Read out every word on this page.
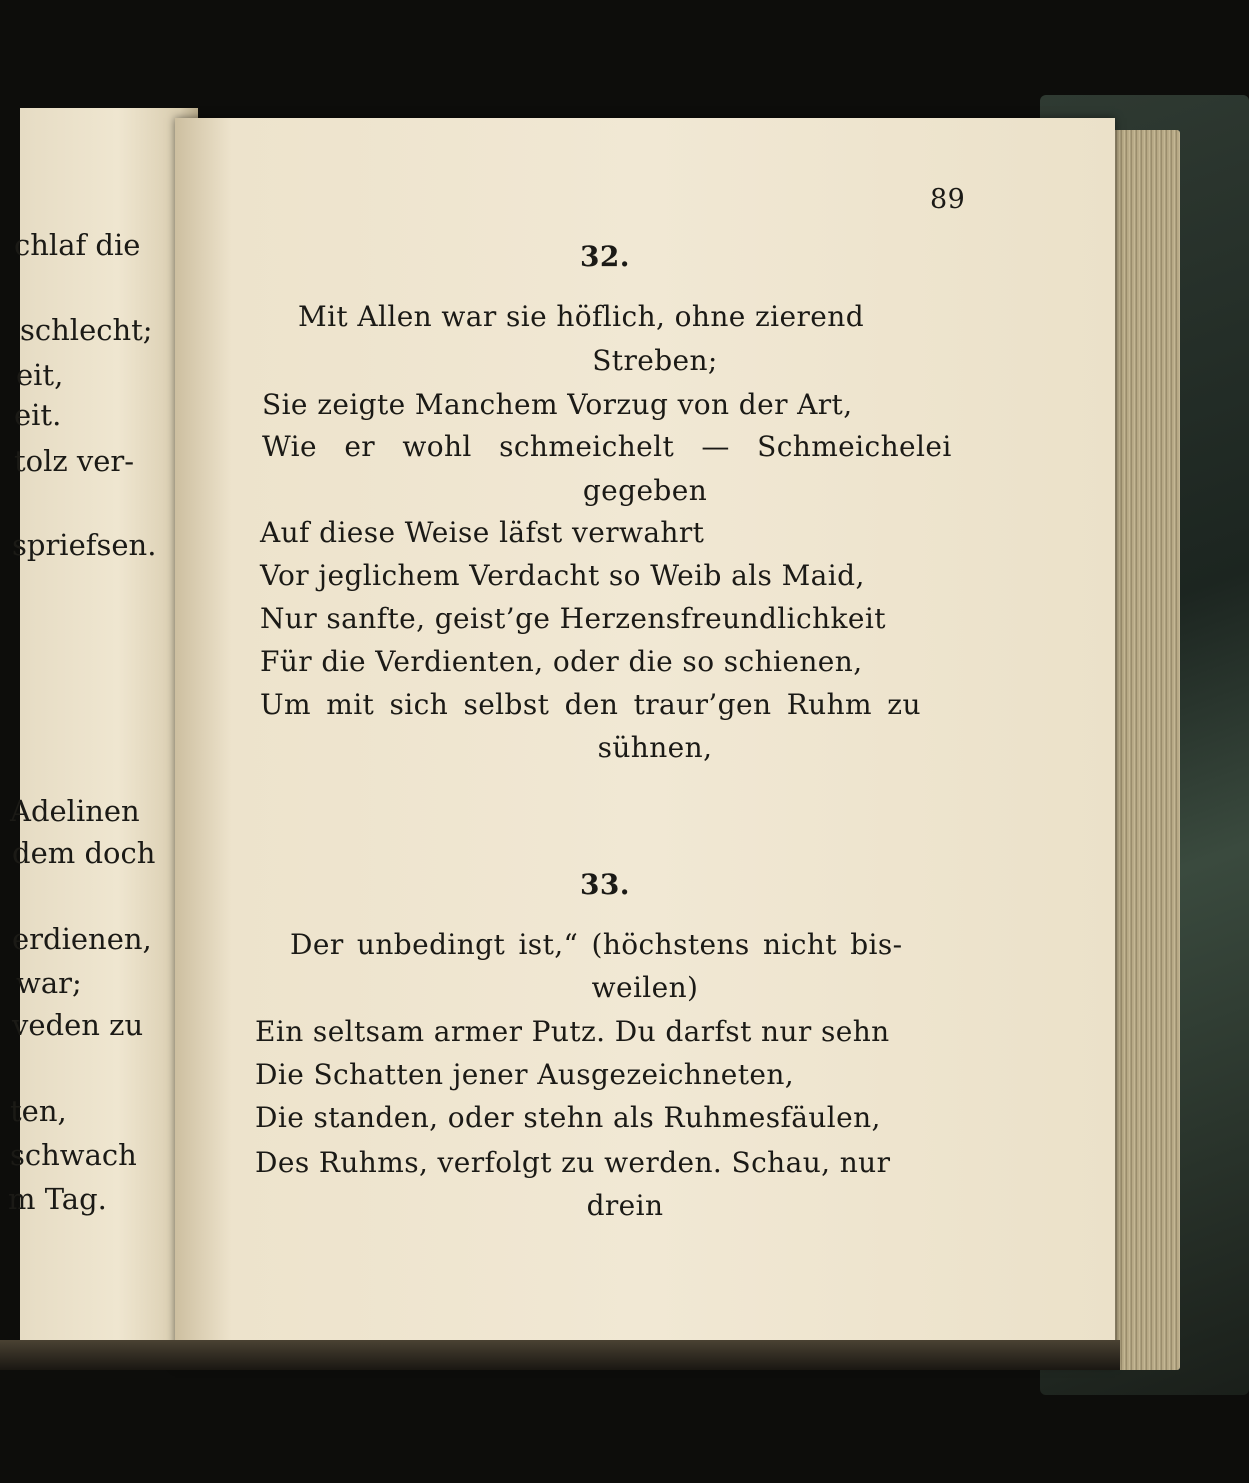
chlaf die
schlecht;
eit,
eit.
tolz ver-
spriefsen.
Adelinen
dem doch
erdienen,
war;
veden zu
ten,
schwach
m Tag.
89
32.
Mit Allen war sie höflich, ohne zierend
Streben;
Sie zeigte Manchem Vorzug von der Art,
Wie er wohl schmeichelt — Schmeichelei
gegeben
Auf diese Weise läfst verwahrt
Vor jeglichem Verdacht so Weib als Maid,
Nur sanfte, geist’ge Herzensfreundlichkeit
Für die Verdienten, oder die so schienen,
Um mit sich selbst den traur’gen Ruhm zu
sühnen,
33.
Der unbedingt ist,“ (höchstens nicht bis-
weilen)
Ein seltsam armer Putz. Du darfst nur sehn
Die Schatten jener Ausgezeichneten,
Die standen, oder stehn als Ruhmesfäulen,
Des Ruhms, verfolgt zu werden. Schau, nur
drein
